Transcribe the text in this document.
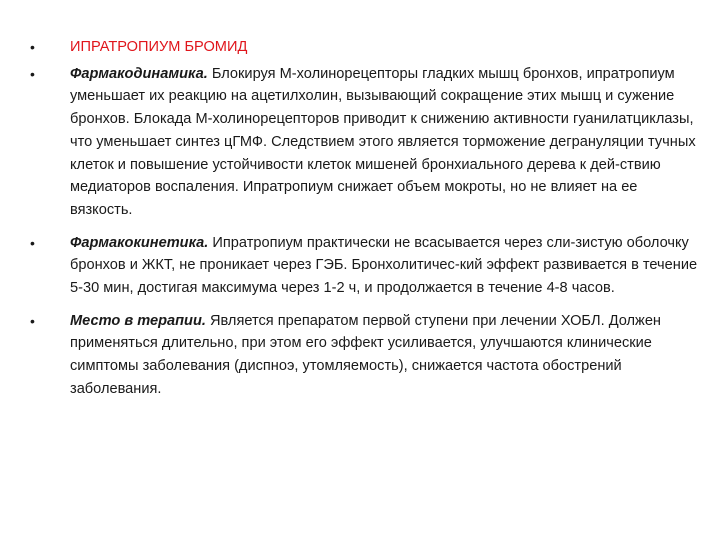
• ИПРАТРОПИУМ БРОМИД
• Фармакодинамика. Блокируя М-холинорецепторы гладких мышц бронхов, ипратропиум уменьшает их реакцию на ацетилхолин, вызывающий сокращение этих мышц и сужение бронхов. Блокада М-холинорецепторов приводит к снижению активности гуанилатциклазы, что уменьшает синтез цГМФ. Следствием этого является торможение дегрануляции тучных клеток и повышение устойчивости клеток мишеней бронхиального дерева к дей-ствию медиаторов воспаления. Ипратропиум снижает объем мокроты, но не влияет на ее вязкость.
• Фармакокинетика. Ипратропиум практически не всасывается через сли-зистую оболочку бронхов и ЖКТ, не проникает через ГЭБ. Бронхолитичес-кий эффект развивается в течение 5-30 мин, достигая максимума через 1-2 ч, и продолжается в течение 4-8 часов.
• Место в терапии. Является препаратом первой ступени при лечении ХОБЛ. Должен применяться длительно, при этом его эффект усиливается, улучшаются клинические симптомы заболевания (диспноэ, утомляемость), снижается частота обострений заболевания.
